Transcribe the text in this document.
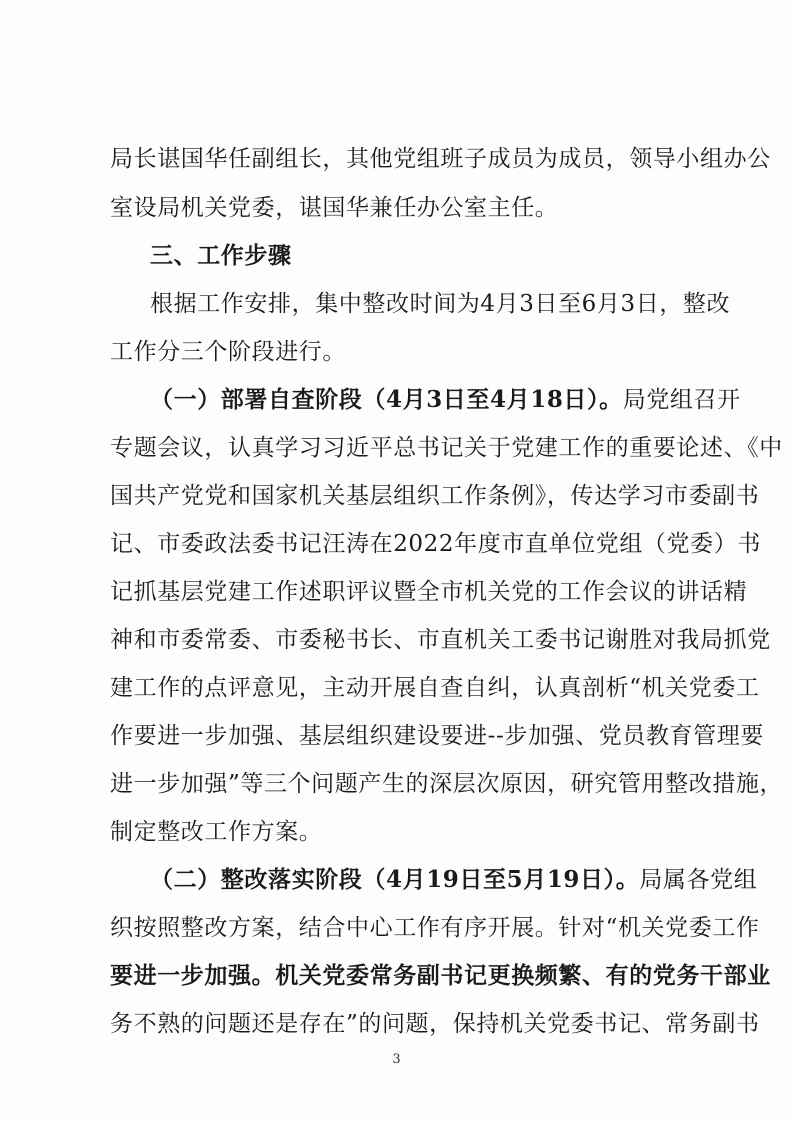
局长谌国华任副组长，其他党组班子成员为成员，领导小组办公
室设局机关党委，谌国华兼任办公室主任。
三、工作步骤
根据工作安排，集中整改时间为4月3日至6月3日，整改
工作分三个阶段进行。
（一）部署自查阶段（4月3日至4月18日）。局党组召开
专题会议，认真学习习近平总书记关于党建工作的重要论述、《中
国共产党党和国家机关基层组织工作条例》，传达学习市委副书
记、市委政法委书记汪涛在2022年度市直单位党组（党委）书
记抓基层党建工作述职评议暨全市机关党的工作会议的讲话精
神和市委常委、市委秘书长、市直机关工委书记谢胜对我局抓党
建工作的点评意见，主动开展自查自纠，认真剖析“机关党委工
作要进一步加强、基层组织建设要进--步加强、党员教育管理要
进一步加强”等三个问题产生的深层次原因，研究管用整改措施，
制定整改工作方案。
（二）整改落实阶段（4月19日至5月19日）。局属各党组
织按照整改方案，结合中心工作有序开展。针对“机关党委工作
要进一步加强。机关党委常务副书记更换频繁、有的党务干部业
务不熟的问题还是存在”的问题，保持机关党委书记、常务副书
3
